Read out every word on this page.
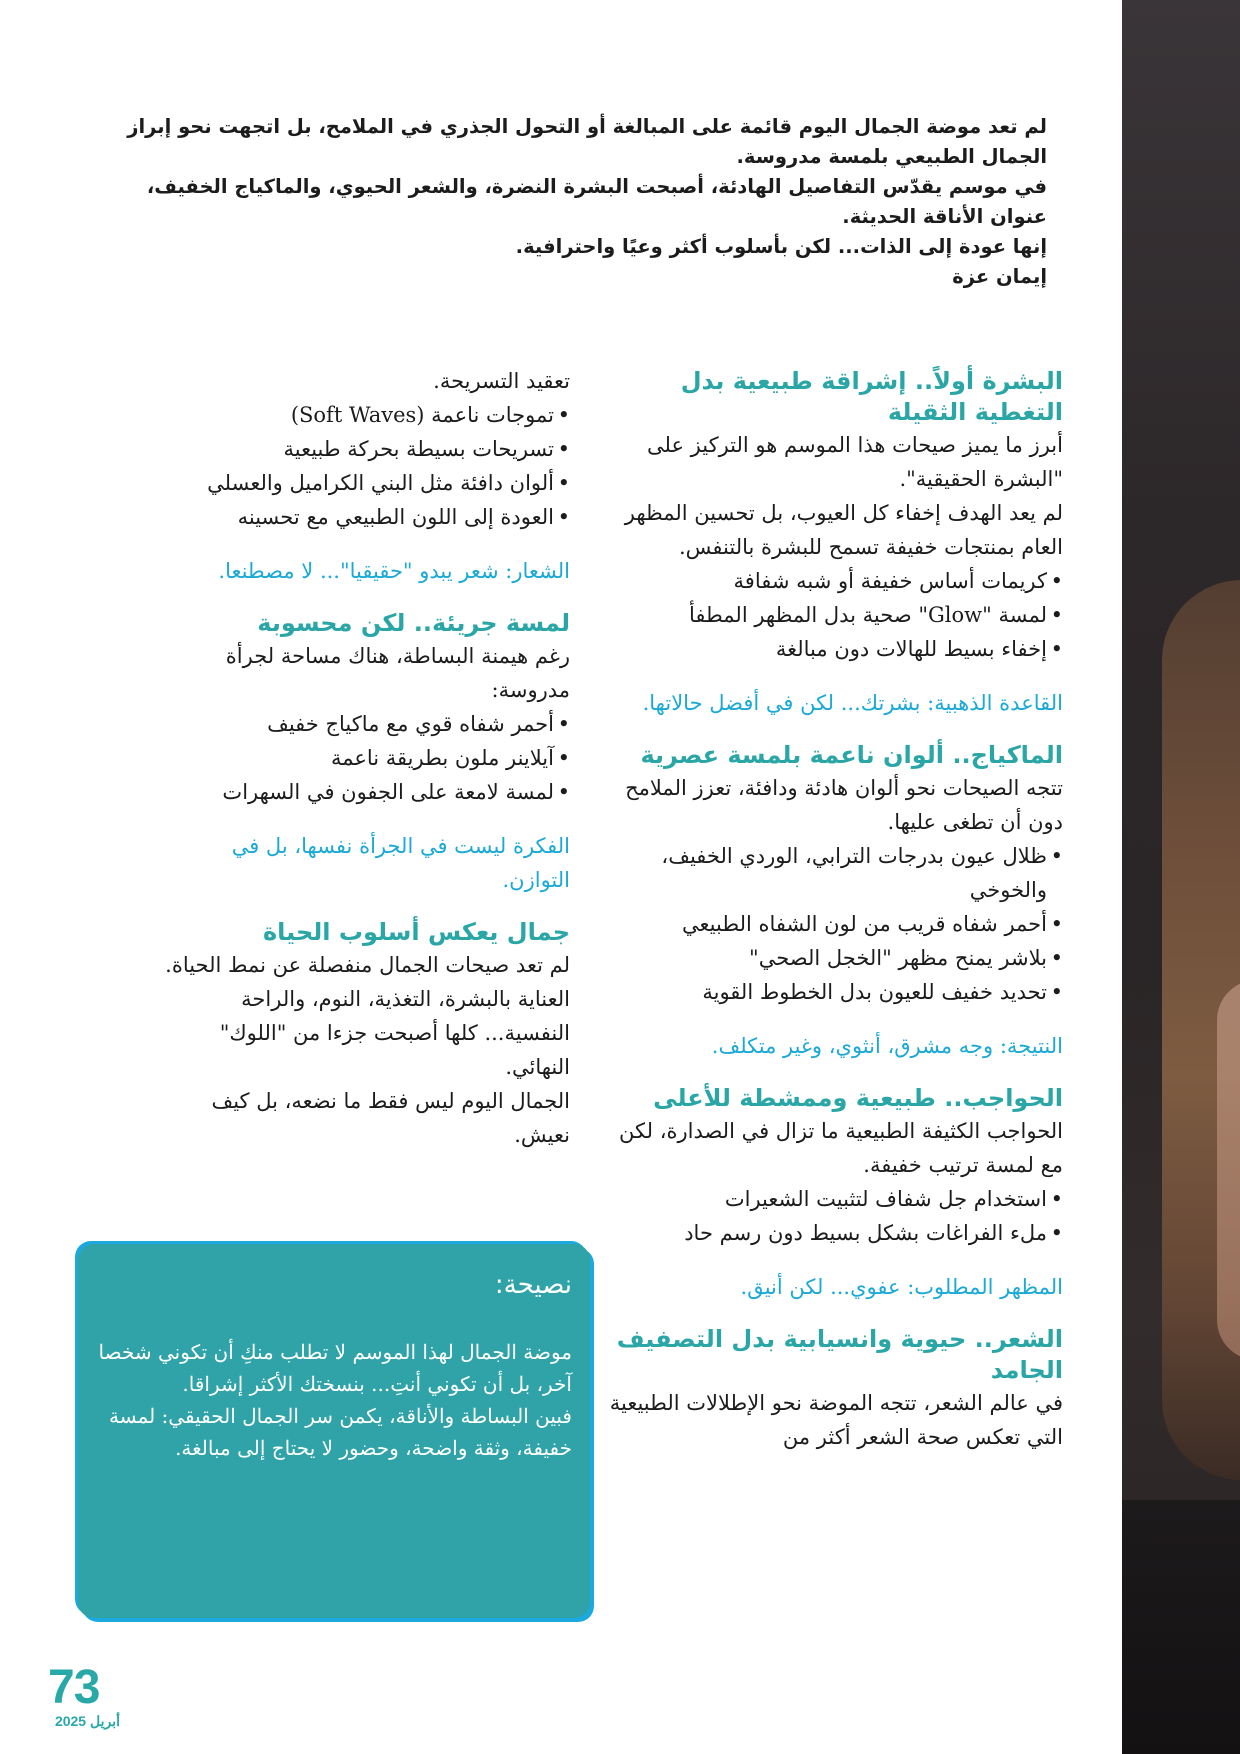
لم تعد موضة الجمال اليوم قائمة على المبالغة أو التحول الجذري في الملامح، بل اتجهت نحو إبراز الجمال الطبيعي بلمسة مدروسة.

في موسم يقدّس التفاصيل الهادئة، أصبحت البشرة النضرة، والشعر الحيوي، والماكياج الخفيف، عنوان الأناقة الحديثة.

إنها عودة إلى الذات... لكن بأسلوب أكثر وعيًا واحترافية.

إيمان عزة

البشرة أولاً.. إشراقة طبيعية بدل التغطية الثقيلة

أبرز ما يميز صيحات هذا الموسم هو التركيز على "البشرة الحقيقية".

لم يعد الهدف إخفاء كل العيوب، بل تحسين المظهر العام بمنتجات خفيفة تسمح للبشرة بالتنفس.

• كريمات أساس خفيفة أو شبه شفافة
• لمسة "Glow" صحية بدل المظهر المطفأ
• إخفاء بسيط للهالات دون مبالغة

القاعدة الذهبية: بشرتك... لكن في أفضل حالاتها.

الماكياج.. ألوان ناعمة بلمسة عصرية

تتجه الصيحات نحو ألوان هادئة ودافئة، تعزز الملامح دون أن تطغى عليها.

• ظلال عيون بدرجات الترابي، الوردي الخفيف، والخوخي
• أحمر شفاه قريب من لون الشفاه الطبيعي
• بلاشر يمنح مظهر "الخجل الصحي"
• تحديد خفيف للعيون بدل الخطوط القوية

النتيجة: وجه مشرق، أنثوي، وغير متكلف.

الحواجب.. طبيعية وممشطة للأعلى

الحواجب الكثيفة الطبيعية ما تزال في الصدارة، لكن مع لمسة ترتيب خفيفة.

• استخدام جل شفاف لتثبيت الشعيرات
• ملء الفراغات بشكل بسيط دون رسم حاد

المظهر المطلوب: عفوي... لكن أنيق.

الشعر.. حيوية وانسيابية بدل التصفيف الجامد

في عالم الشعر، تتجه الموضة نحو الإطلالات الطبيعية التي تعكس صحة الشعر أكثر من

تعقيد التسريحة.

• تموجات ناعمة (Soft Waves)
• تسريحات بسيطة بحركة طبيعية
• ألوان دافئة مثل البني الكراميل والعسلي
• العودة إلى اللون الطبيعي مع تحسينه

الشعار: شعر يبدو "حقيقيا"... لا مصطنعا.

لمسة جريئة.. لكن محسوبة

رغم هيمنة البساطة، هناك مساحة لجرأة مدروسة:

• أحمر شفاه قوي مع ماكياج خفيف
• آيلاينر ملون بطريقة ناعمة
• لمسة لامعة على الجفون في السهرات

الفكرة ليست في الجرأة نفسها، بل في التوازن.

جمال يعكس أسلوب الحياة

لم تعد صيحات الجمال منفصلة عن نمط الحياة.

العناية بالبشرة، التغذية، النوم، والراحة النفسية... كلها أصبحت جزءا من "اللوك" النهائي.

الجمال اليوم ليس فقط ما نضعه، بل كيف نعيش.

نصيحة:

موضة الجمال لهذا الموسم لا تطلب منكِ أن تكوني شخصا آخر، بل أن تكوني أنتِ... بنسختك الأكثر إشراقا.

فبين البساطة والأناقة، يكمن سر الجمال الحقيقي: لمسة خفيفة، وثقة واضحة، وحضور لا يحتاج إلى مبالغة.

73
أبريل 2025
